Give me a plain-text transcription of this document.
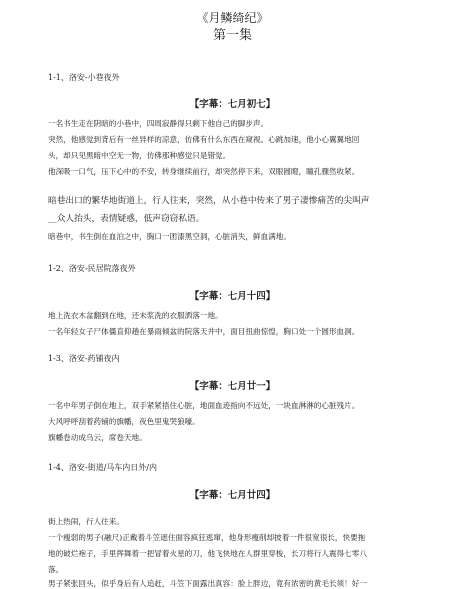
《月鳞绮纪》
第一集
1-1、洛安-小巷夜外
【字幕：七月初七】
一名书生走在阴暗的小巷中，四周寂静得只剩下他自己的脚步声。
突然，他感觉到背后有一丝异样的凉意，仿佛有什么东西在窥视。心跳加速，他小心翼翼地回
头，却只见黑暗中空无一物，仿佛那种感觉只是错觉。
他深吸一口气，压下心中的不安，转身继续前行，却突然停下来，双眼圆瞪，瞳孔骤然收紧。
暗巷出口的繁华地街道上，行人往来，突然，从小巷中传来了男子凄惨痛苦的尖叫声
__众人抬头，表情疑惑，低声窃窃私语。
暗巷中，书生倒在血泊之中，胸口一团漆黑空洞，心脏消失，鲜血满地。
1-2、洛安-民居院落夜外
【字幕：七月十四】
地上洗衣木盆翻到在地，还未浆洗的衣服洒落一地。
一名年轻女子尸体僵直仰趟在暴雨倾盆的院落天井中，面目扭曲惊惶，胸口处一个圆形血洞。
1-3、洛安-药铺夜内
【字幕：七月廿一】
一名中年男子倒在地上，双手紧紧捂住心脏，地面血迹指向不远处，一块血淋淋的心脏残片。
大风呼呼刮着药铺的旗幡，夜色里鬼哭狼嚎。
旗幡卷动成乌云，席卷天地。
1-4、洛安-街道/马车内日外/内
【字幕：七月廿四】
街上热闹，行人往来。
一个瘦弱的男子(融尺)正戴着斗笠遮住面容疯狂逃窜，他身形瘦削却披着一件很宽很长，快要拖
地的破烂袍子，手里挥舞着一把冒着火星的刀，他飞快地在人群里穿梭，长刀将行人震得七零八
落。
男子紧张回头，似乎身后有人追赶，斗笠下面露出真容：脸上胖边，竟有浓密的黄毛长须！好一
